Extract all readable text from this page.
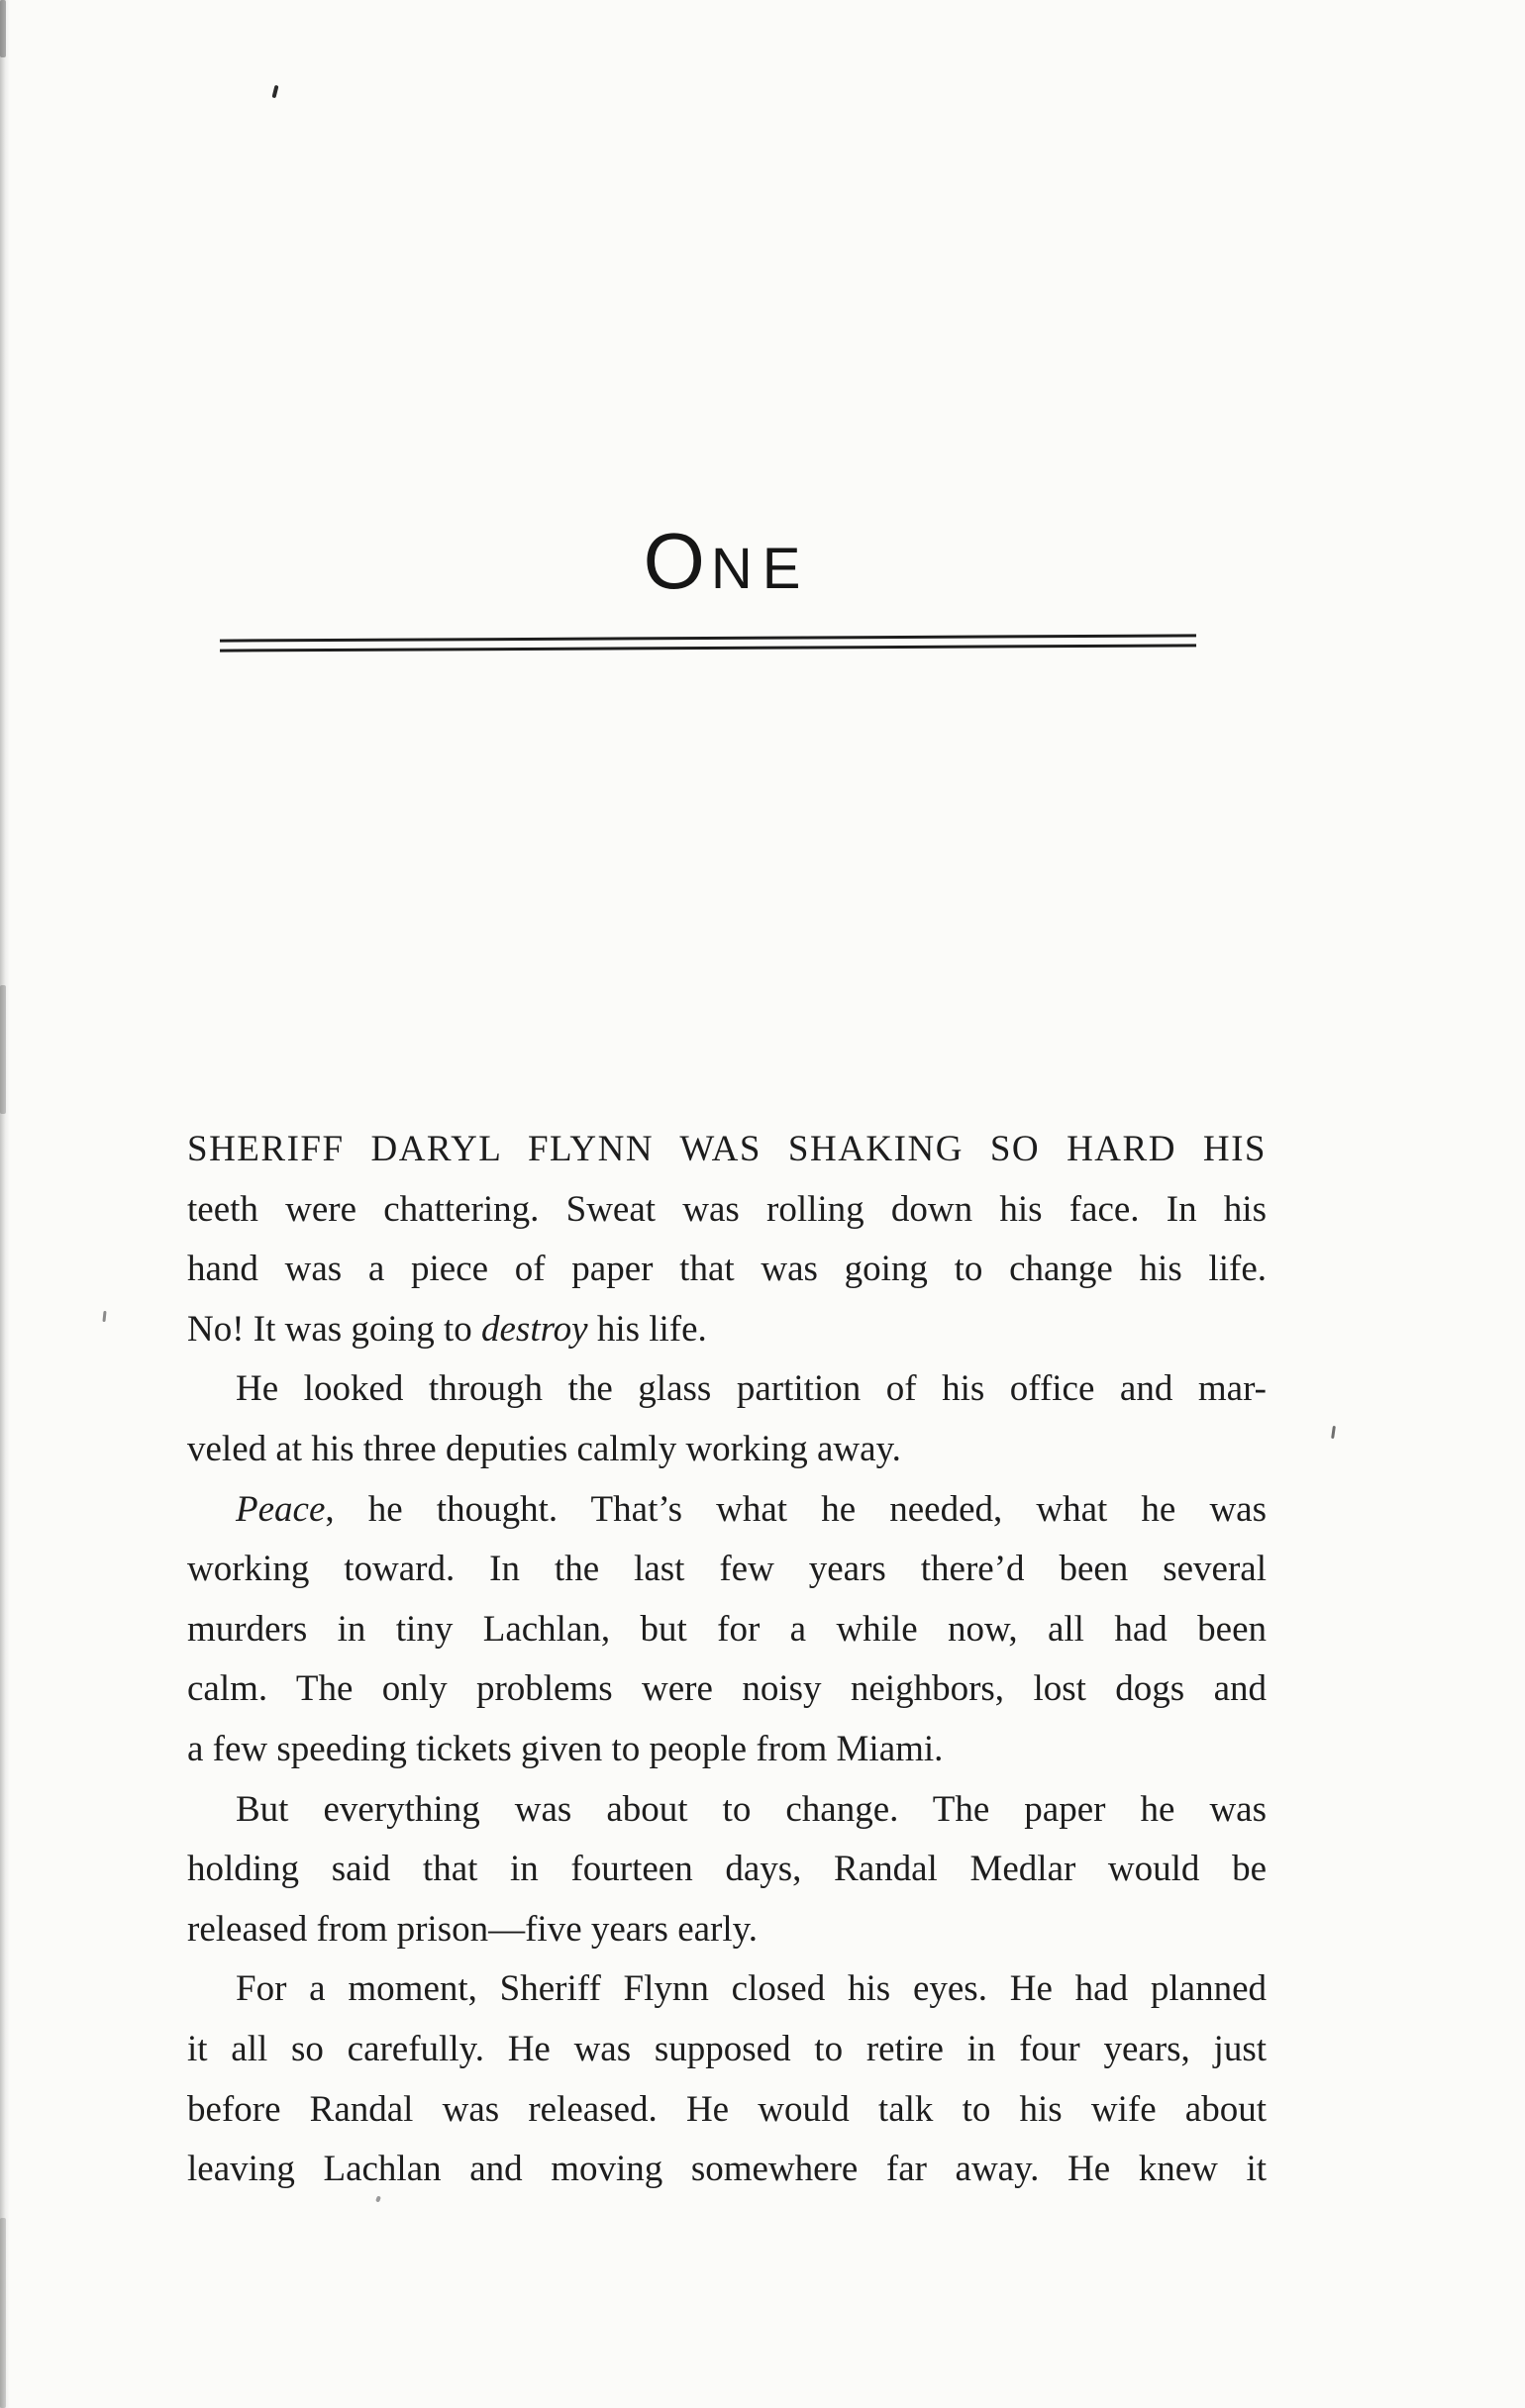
ONE
SHERIFF DARYL FLYNN WAS SHAKING SO HARD HIS
teeth were chattering. Sweat was rolling down his face. In his
hand was a piece of paper that was going to change his life.
No! It was going to destroy his life.
He looked through the glass partition of his office and mar-
veled at his three deputies calmly working away.
Peace, he thought. That’s what he needed, what he was
working toward. In the last few years there’d been several
murders in tiny Lachlan, but for a while now, all had been
calm. The only problems were noisy neighbors, lost dogs and
a few speeding tickets given to people from Miami.
But everything was about to change. The paper he was
holding said that in fourteen days, Randal Medlar would be
released from prison—five years early.
For a moment, Sheriff Flynn closed his eyes. He had planned
it all so carefully. He was supposed to retire in four years, just
before Randal was released. He would talk to his wife about
leaving Lachlan and moving somewhere far away. He knew it
